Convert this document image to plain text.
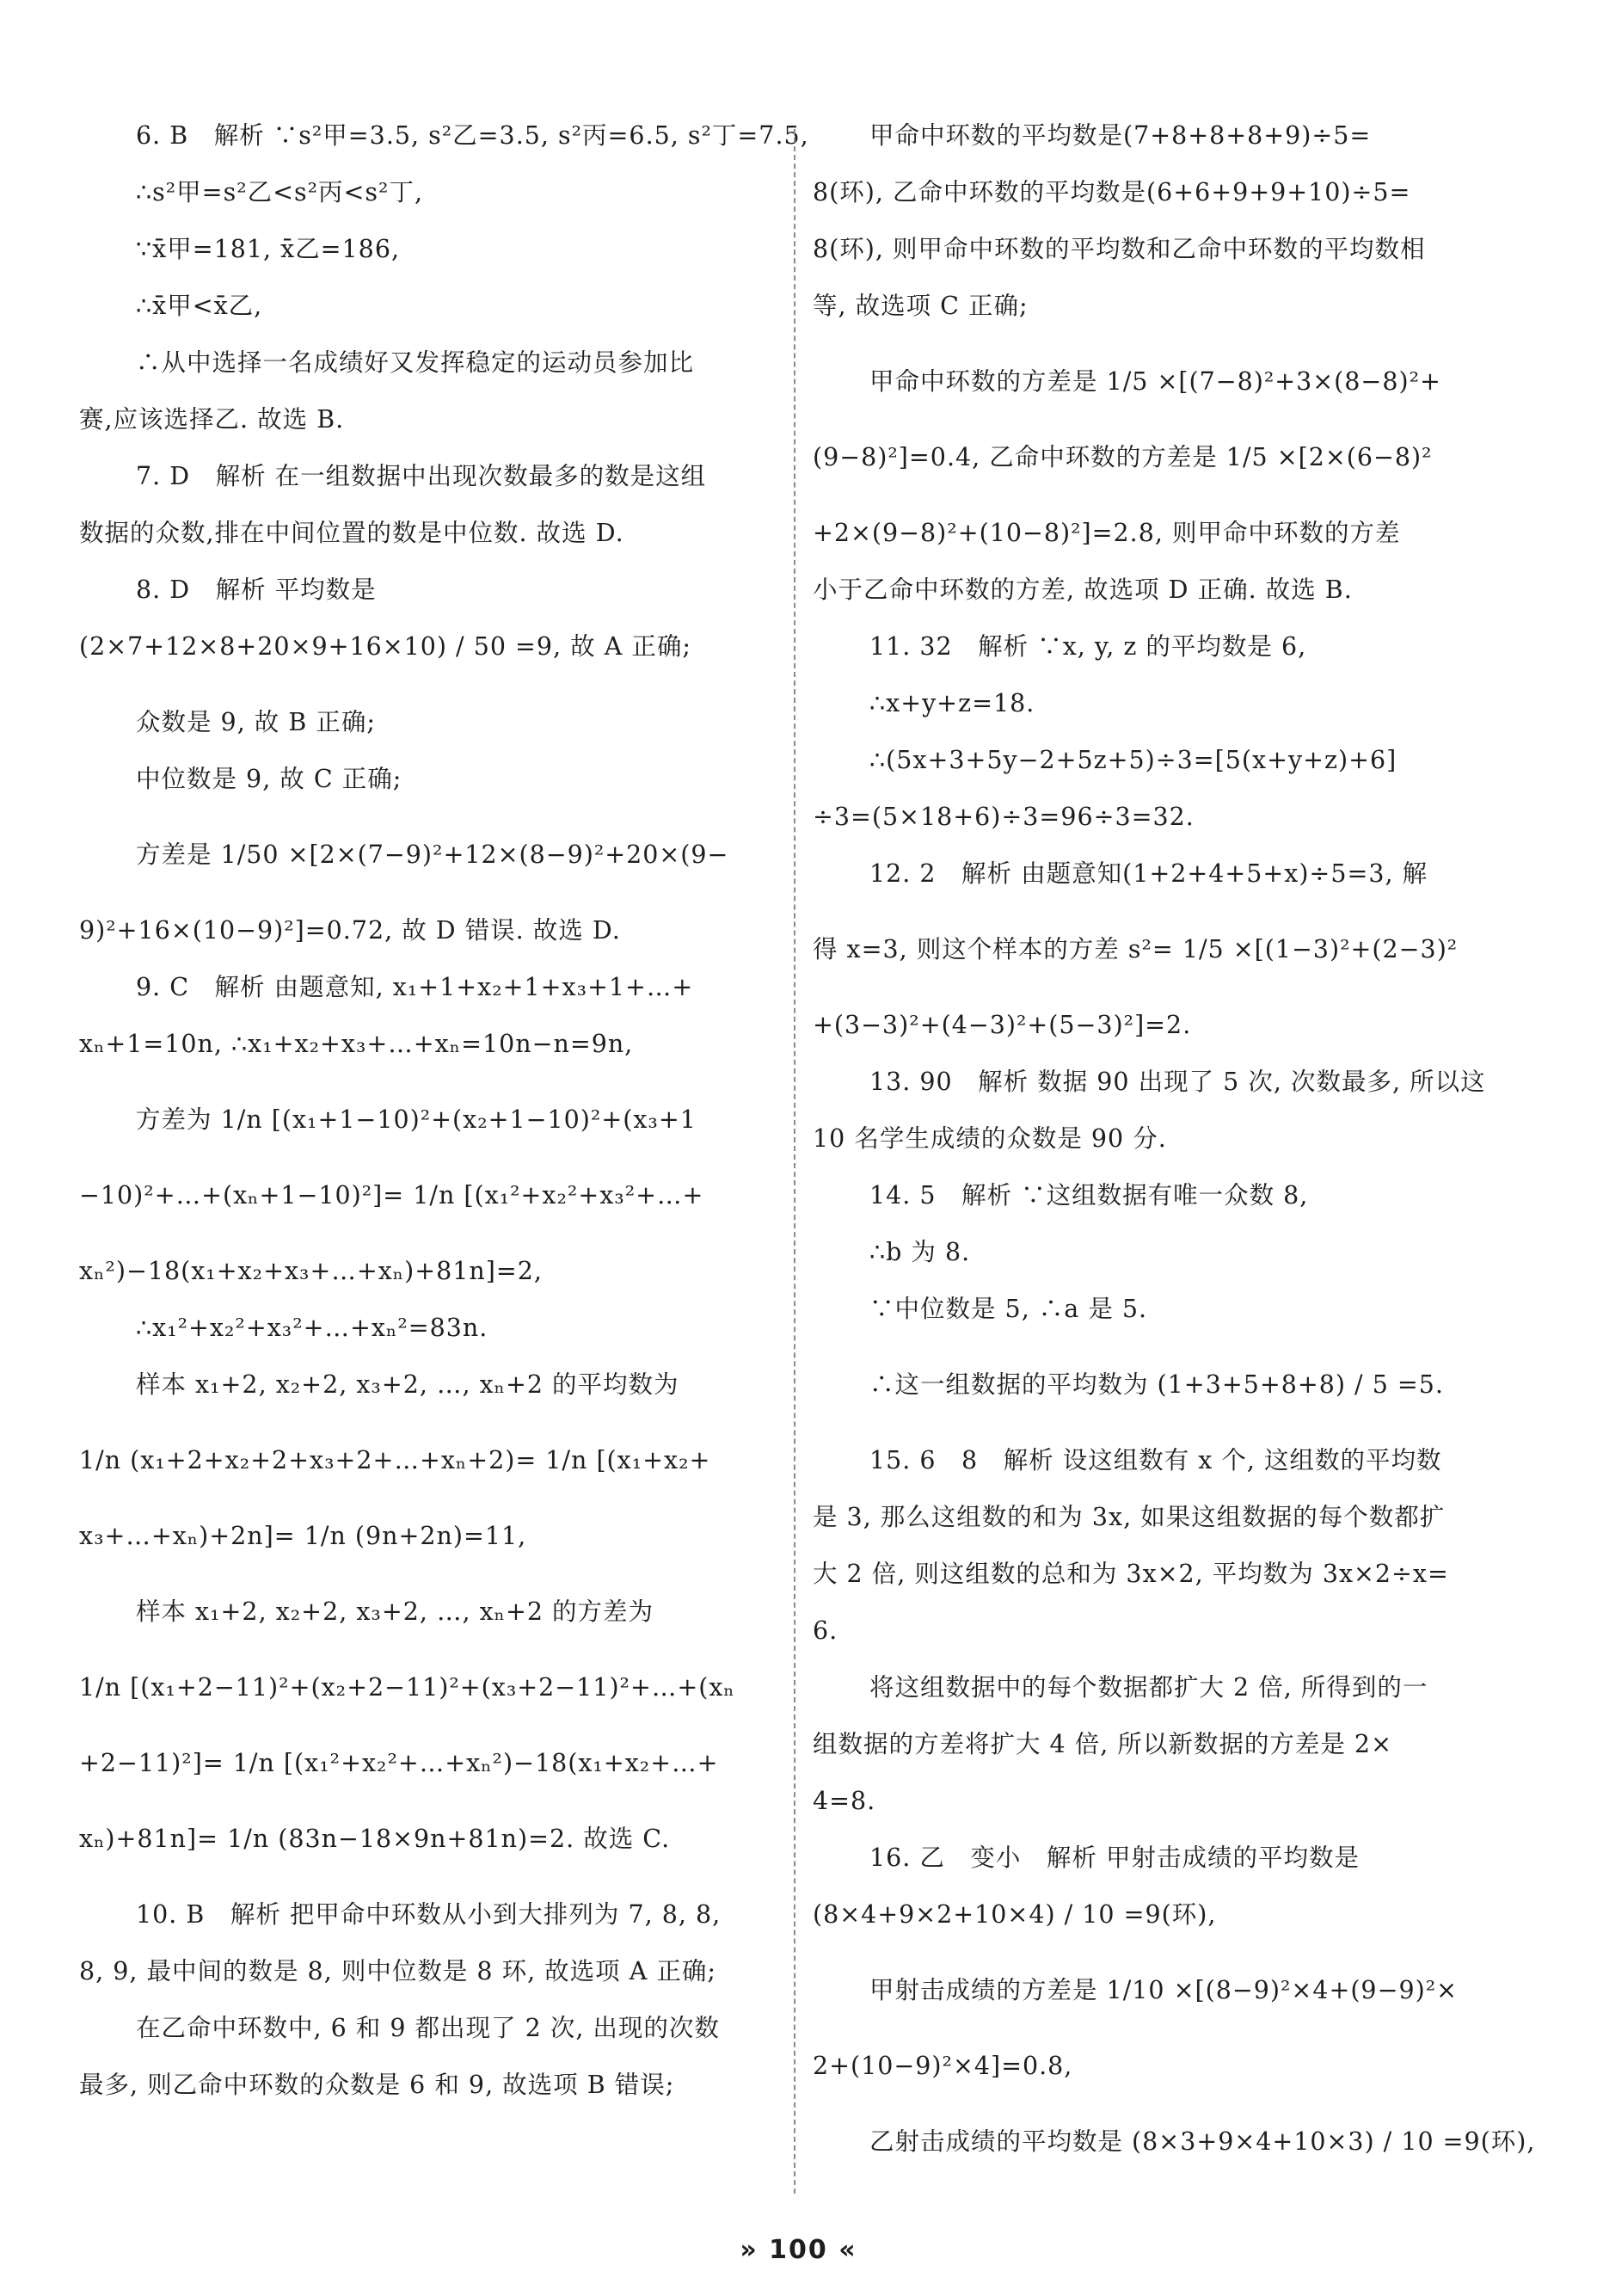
6. B　解析 ∵s²甲=3.5, s²乙=3.5, s²丙=6.5, s²丁=7.5,
∴s²甲=s²乙<s²丙<s²丁,
∵x̄甲=181, x̄乙=186,
∴x̄甲<x̄乙,
∴从中选择一名成绩好又发挥稳定的运动员参加比
赛,应该选择乙. 故选 B.
7. D　解析 在一组数据中出现次数最多的数是这组
数据的众数,排在中间位置的数是中位数. 故选 D.
8. D　解析 平均数是
(2×7+12×8+20×9+16×10) / 50 =9, 故 A 正确;
众数是 9, 故 B 正确;
中位数是 9, 故 C 正确;
方差是 1/50 ×[2×(7−9)²+12×(8−9)²+20×(9−
9)²+16×(10−9)²]=0.72, 故 D 错误. 故选 D.
9. C　解析 由题意知, x₁+1+x₂+1+x₃+1+…+
xₙ+1=10n, ∴x₁+x₂+x₃+…+xₙ=10n−n=9n,
方差为 1/n [(x₁+1−10)²+(x₂+1−10)²+(x₃+1
−10)²+…+(xₙ+1−10)²]= 1/n [(x₁²+x₂²+x₃²+…+
xₙ²)−18(x₁+x₂+x₃+…+xₙ)+81n]=2,
∴x₁²+x₂²+x₃²+…+xₙ²=83n.
样本 x₁+2, x₂+2, x₃+2, …, xₙ+2 的平均数为
1/n (x₁+2+x₂+2+x₃+2+…+xₙ+2)= 1/n [(x₁+x₂+
x₃+…+xₙ)+2n]= 1/n (9n+2n)=11,
样本 x₁+2, x₂+2, x₃+2, …, xₙ+2 的方差为
1/n [(x₁+2−11)²+(x₂+2−11)²+(x₃+2−11)²+…+(xₙ
+2−11)²]= 1/n [(x₁²+x₂²+…+xₙ²)−18(x₁+x₂+…+
xₙ)+81n]= 1/n (83n−18×9n+81n)=2. 故选 C.
10. B　解析 把甲命中环数从小到大排列为 7, 8, 8,
8, 9, 最中间的数是 8, 则中位数是 8 环, 故选项 A 正确;
在乙命中环数中, 6 和 9 都出现了 2 次, 出现的次数
最多, 则乙命中环数的众数是 6 和 9, 故选项 B 错误;
甲命中环数的平均数是(7+8+8+8+9)÷5=
8(环), 乙命中环数的平均数是(6+6+9+9+10)÷5=
8(环), 则甲命中环数的平均数和乙命中环数的平均数相
等, 故选项 C 正确;
甲命中环数的方差是 1/5 ×[(7−8)²+3×(8−8)²+
(9−8)²]=0.4, 乙命中环数的方差是 1/5 ×[2×(6−8)²
+2×(9−8)²+(10−8)²]=2.8, 则甲命中环数的方差
小于乙命中环数的方差, 故选项 D 正确. 故选 B.
11. 32　解析 ∵x, y, z 的平均数是 6,
∴x+y+z=18.
∴(5x+3+5y−2+5z+5)÷3=[5(x+y+z)+6]
÷3=(5×18+6)÷3=96÷3=32.
12. 2　解析 由题意知(1+2+4+5+x)÷5=3, 解
得 x=3, 则这个样本的方差 s²= 1/5 ×[(1−3)²+(2−3)²
+(3−3)²+(4−3)²+(5−3)²]=2.
13. 90　解析 数据 90 出现了 5 次, 次数最多, 所以这
10 名学生成绩的众数是 90 分.
14. 5　解析 ∵这组数据有唯一众数 8,
∴b 为 8.
∵中位数是 5, ∴a 是 5.
∴这一组数据的平均数为 (1+3+5+8+8) / 5 =5.
15. 6　8　解析 设这组数有 x 个, 这组数的平均数
是 3, 那么这组数的和为 3x, 如果这组数据的每个数都扩
大 2 倍, 则这组数的总和为 3x×2, 平均数为 3x×2÷x=
6.
将这组数据中的每个数据都扩大 2 倍, 所得到的一
组数据的方差将扩大 4 倍, 所以新数据的方差是 2×
4=8.
16. 乙　变小　解析 甲射击成绩的平均数是
(8×4+9×2+10×4) / 10 =9(环),
甲射击成绩的方差是 1/10 ×[(8−9)²×4+(9−9)²×
2+(10−9)²×4]=0.8,
乙射击成绩的平均数是 (8×3+9×4+10×3) / 10 =9(环),
» 100 «
